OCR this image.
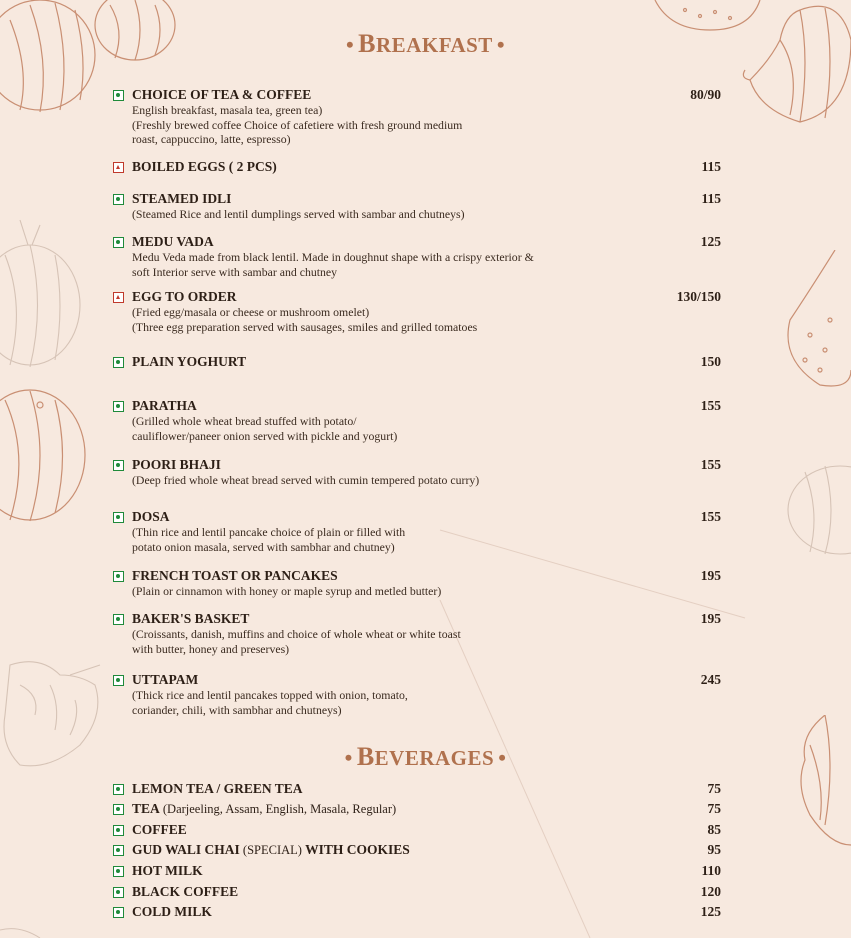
• BREAKFAST •
CHOICE OF TEA & COFFEE	80/90
English breakfast, masala tea, green tea)
(Freshly brewed coffee Choice of cafetiere with fresh ground medium
roast, cappuccino, latte, espresso)
BOILED EGGS ( 2 PCS)	115
STEAMED IDLI	115
(Steamed Rice and lentil dumplings served with sambar and chutneys)
MEDU VADA	125
Medu Veda made from black lentil. Made in doughnut shape with a crispy exterior &
soft Interior serve with sambar and chutney
EGG TO ORDER	130/150
(Fried egg/masala or cheese or mushroom omelet)
(Three egg preparation served with sausages, smiles and grilled tomatoes
PLAIN YOGHURT	150
PARATHA	155
(Grilled whole wheat bread stuffed with potato/
cauliflower/paneer onion served with pickle and yogurt)
POORI BHAJI	155
(Deep fried whole wheat bread served with cumin tempered potato curry)
DOSA	155
(Thin rice and lentil pancake choice of plain or filled with
potato onion masala, served with sambhar and chutney)
FRENCH TOAST OR PANCAKES	195
(Plain or cinnamon with honey or maple syrup and metled butter)
BAKER'S BASKET	195
(Croissants, danish, muffins and choice of whole wheat or white toast
with butter, honey and preserves)
UTTAPAM	245
(Thick rice and lentil pancakes topped with onion, tomato,
coriander, chili, with sambhar and chutneys)
• BEVERAGES •
LEMON TEA / GREEN TEA	75
TEA (Darjeeling, Assam, English, Masala, Regular)	75
COFFEE	85
GUD WALI CHAI (SPECIAL) WITH COOKIES	95
HOT MILK	110
BLACK COFFEE	120
COLD MILK	125
